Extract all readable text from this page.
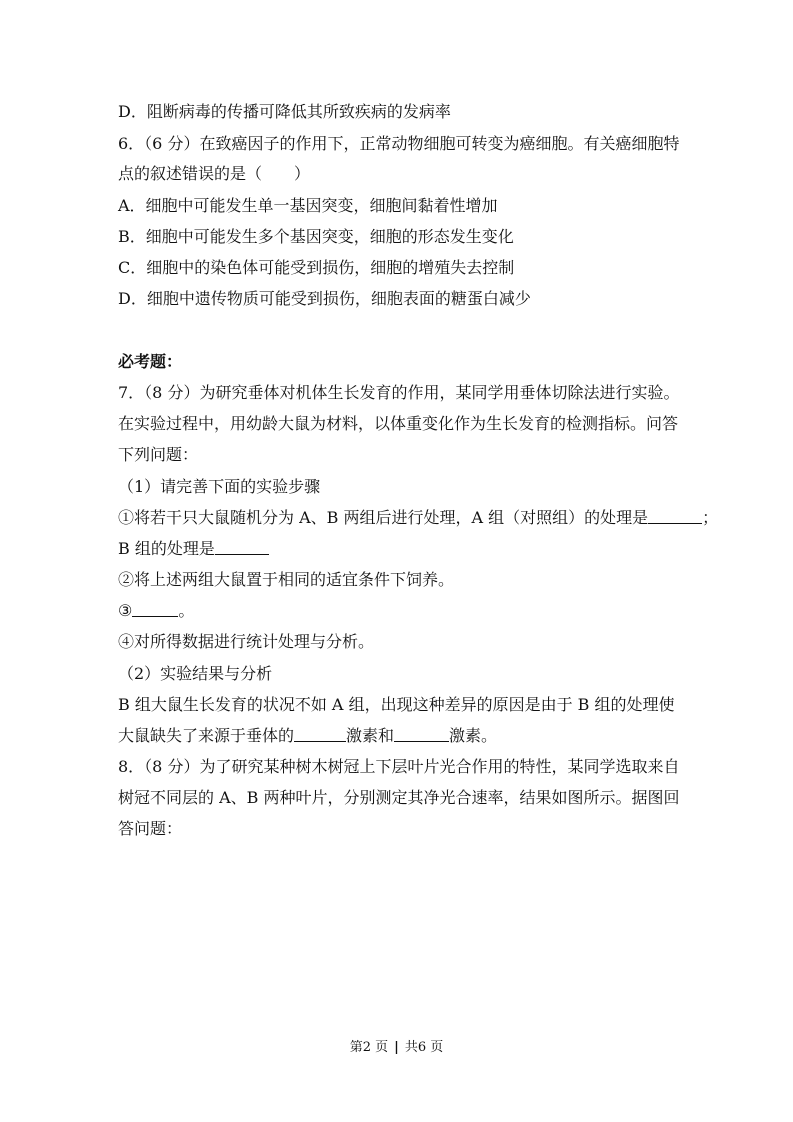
D．阻断病毒的传播可降低其所致疾病的发病率
6．（6 分）在致癌因子的作用下，正常动物细胞可转变为癌细胞。有关癌细胞特
点的叙述错误的是（　　）
A．细胞中可能发生单一基因突变，细胞间黏着性增加
B．细胞中可能发生多个基因突变，细胞的形态发生变化
C．细胞中的染色体可能受到损伤，细胞的增殖失去控制
D．细胞中遗传物质可能受到损伤，细胞表面的糖蛋白减少
必考题：
7．（8 分）为研究垂体对机体生长发育的作用，某同学用垂体切除法进行实验。
在实验过程中，用幼龄大鼠为材料，以体重变化作为生长发育的检测指标。问答
下列问题：
（1）请完善下面的实验步骤
①将若干只大鼠随机分为 A、B 两组后进行处理，A 组（对照组）的处理是	；
B 组的处理是
②将上述两组大鼠置于相同的适宜条件下饲养。
③	。
④对所得数据进行统计处理与分析。
（2）实验结果与分析
B 组大鼠生长发育的状况不如 A 组，出现这种差异的原因是由于 B 组的处理使
大鼠缺失了来源于垂体的	激素和	激素。
8．（8 分）为了研究某种树木树冠上下层叶片光合作用的特性，某同学选取来自
树冠不同层的 A、B 两种叶片，分别测定其净光合速率，结果如图所示。据图回
答问题：
第2 页 | 共6 页
